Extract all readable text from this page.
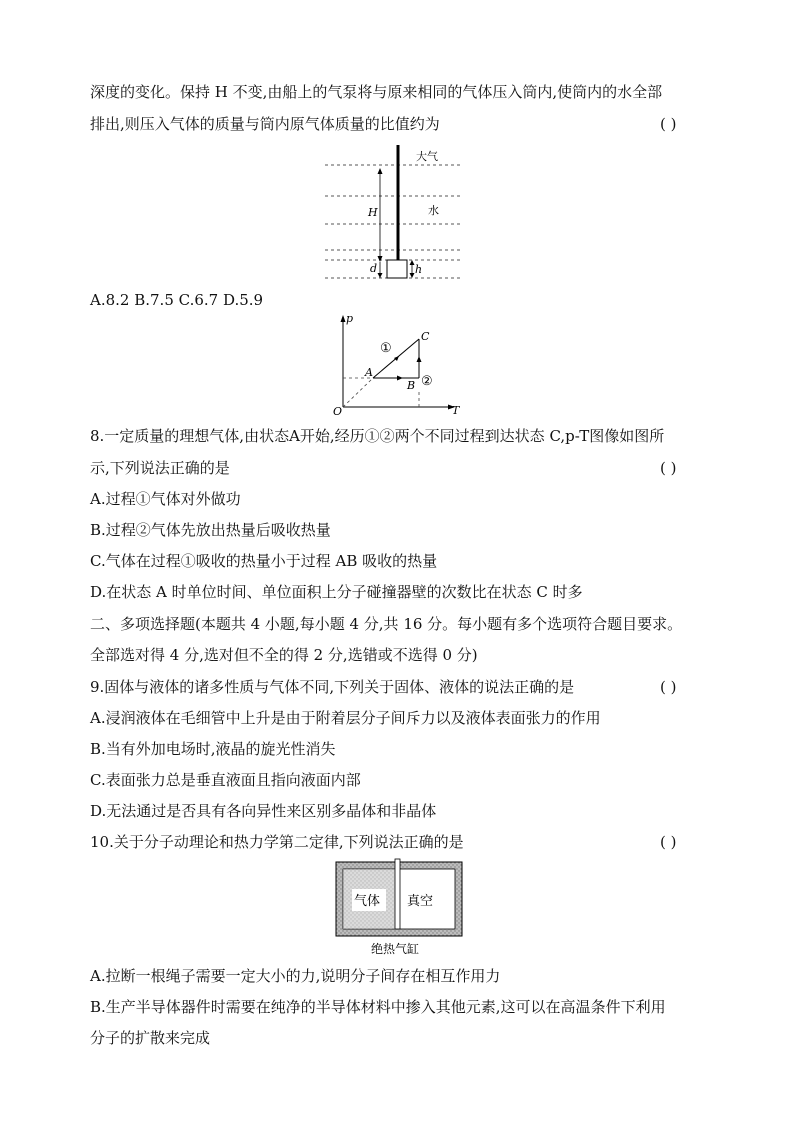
深度的变化。保持 H 不变,由船上的气泵将与原来相同的气体压入筒内,使筒内的水全部
排出,则压入气体的质量与筒内原气体质量的比值约为	( )
大气
水
H
d	h
A.8.2 B.7.5 C.6.7 D.5.9
p
T
O
A
B
C
①
②
8.一定质量的理想气体,由状态A开始,经历①②两个不同过程到达状态 C,p-T图像如图所
示,下列说法正确的是	( )
A.过程①气体对外做功
B.过程②气体先放出热量后吸收热量
C.气体在过程①吸收的热量小于过程 AB 吸收的热量
D.在状态 A 时单位时间、单位面积上分子碰撞器壁的次数比在状态 C 时多
二、多项选择题(本题共 4 小题,每小题 4 分,共 16 分。每小题有多个选项符合题目要求。
全部选对得 4 分,选对但不全的得 2 分,选错或不选得 0 分)
9.固体与液体的诸多性质与气体不同,下列关于固体、液体的说法正确的是	( )
A.浸润液体在毛细管中上升是由于附着层分子间斥力以及液体表面张力的作用
B.当有外加电场时,液晶的旋光性消失
C.表面张力总是垂直液面且指向液面内部
D.无法通过是否具有各向异性来区别多晶体和非晶体
10.关于分子动理论和热力学第二定律,下列说法正确的是	( )
气体 真空
绝热气缸
A.拉断一根绳子需要一定大小的力,说明分子间存在相互作用力
B.生产半导体器件时需要在纯净的半导体材料中掺入其他元素,这可以在高温条件下利用
分子的扩散来完成
